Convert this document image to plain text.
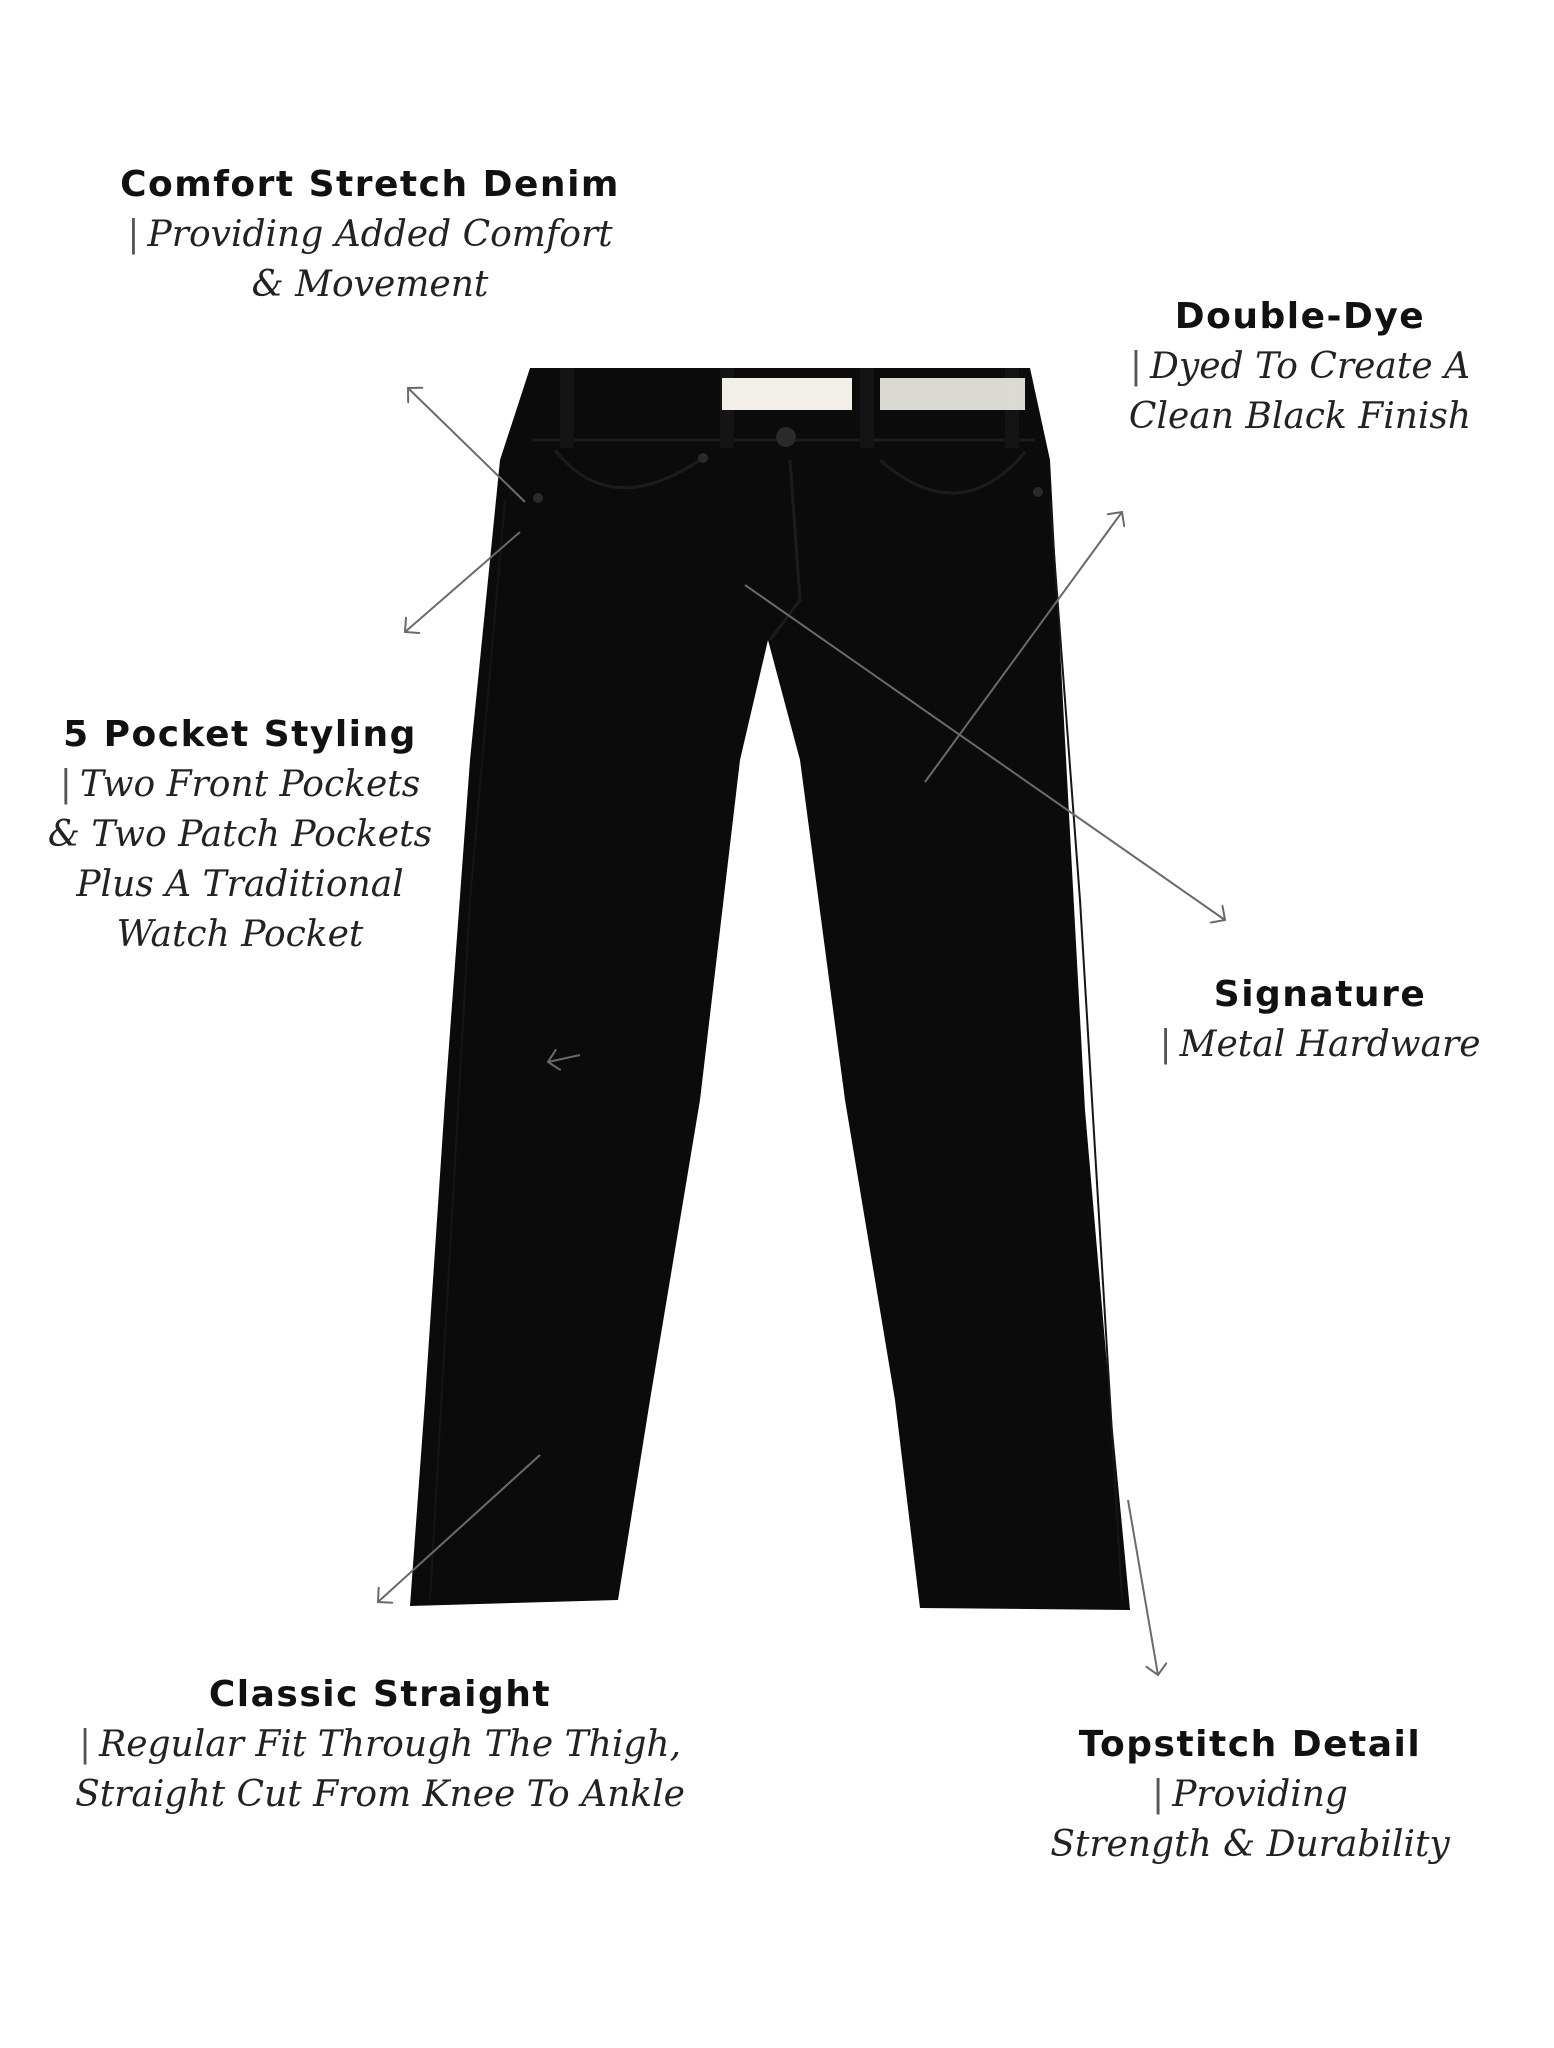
Comfort Stretch Denim

| Providing Added Comfort
& Movement

Double-Dye

| Dyed To Create A
Clean Black Finish

5 Pocket Styling

| Two Front Pockets
& Two Patch Pockets
Plus A Traditional
Watch Pocket

Signature

| Metal Hardware

Classic Straight

| Regular Fit Through The Thigh,
Straight Cut From Knee To Ankle

Topstitch Detail

| Providing
Strength & Durability
